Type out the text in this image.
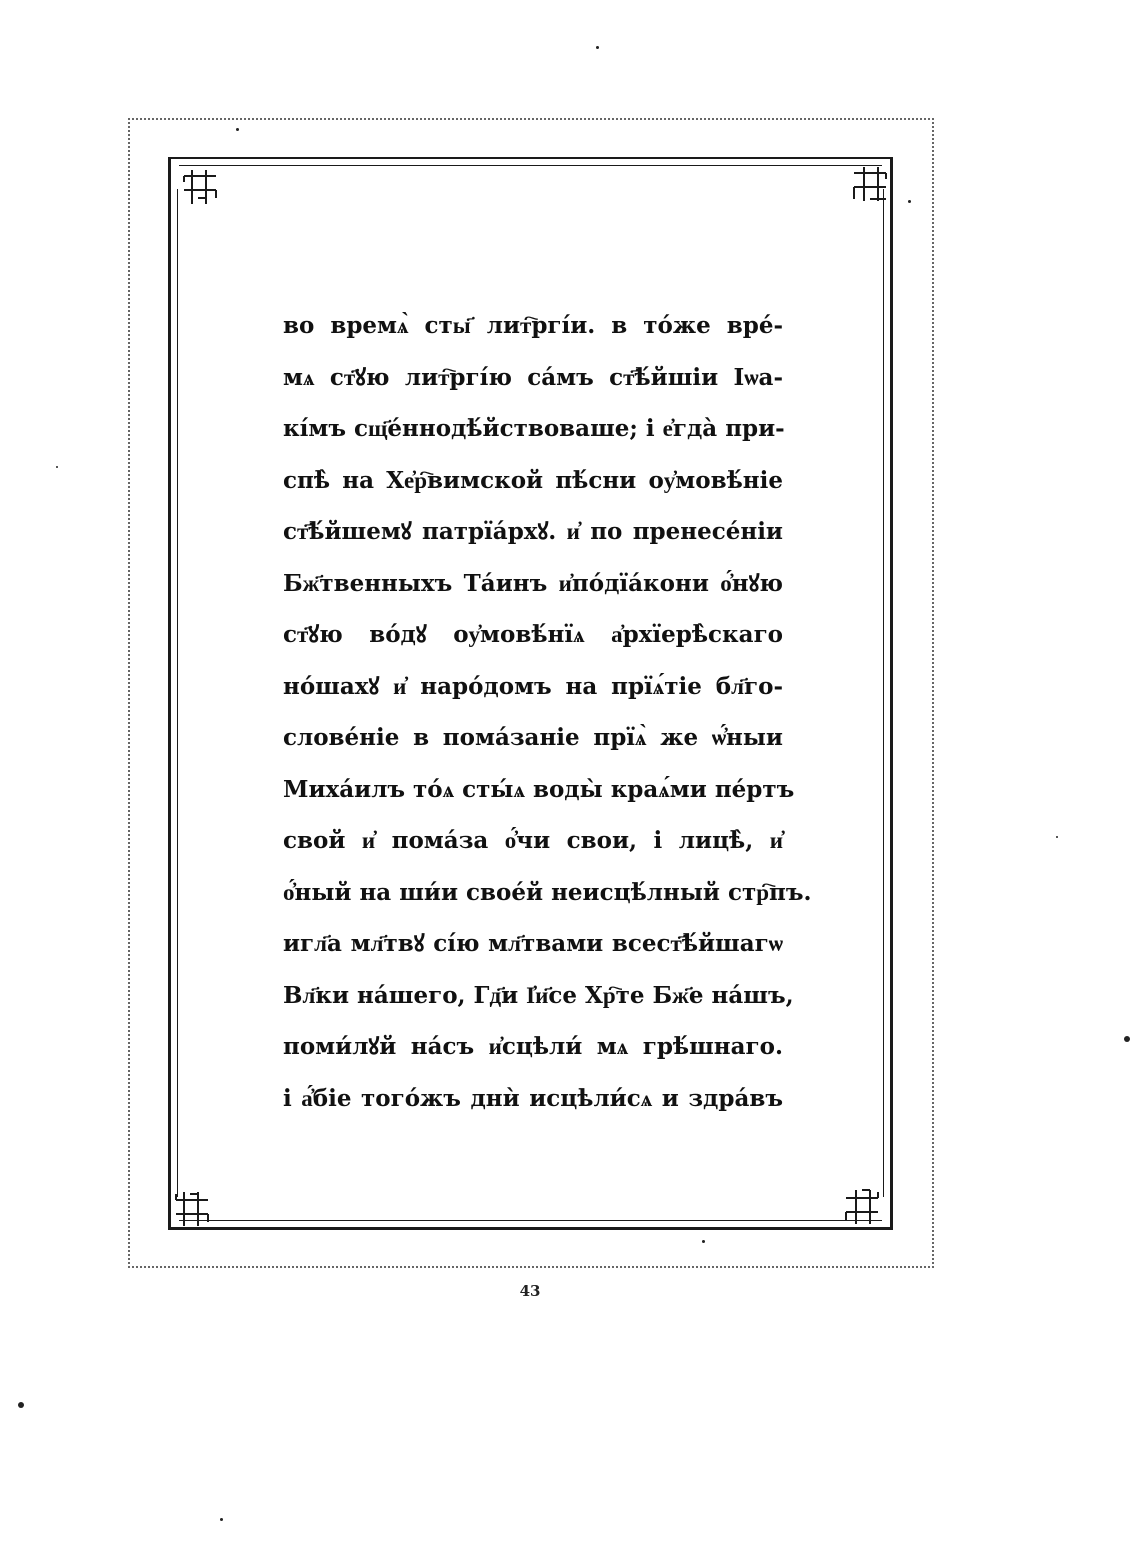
во времѧ̀ сты҃ лит҇ргі́и. в то́же вре́-
мѧ ст҃ꙋю лит҇ргі́ю са́мъ ст҃ѣ́йшіи Іѡа-
кі́мъ сщ҃е́ннодѣ́йствоваше; і е҆гда̀ при-
спѣ̀ на Хе҆р҇вимской пѣ́сни оу҆мовѣ́ніе
ст҃ѣ́йшемꙋ патрїа́рхꙋ. и҆ по пренесе́ніи
Бж҃твенныхъ Та́инъ и҆по́дїа́кони о҆́нꙋю
ст҃ꙋю во́дꙋ оу҆мовѣ́нїѧ а҆рхїерѣ̀скаго
но́шахꙋ и҆ наро́домъ на прїѧ́тіе бл҃го-
слове́ніе в пома́заніе прїѧ̀ же ѡ҆́ныи
Миха́илъ то́ѧ сты́ѧ воды̀ краѧ́ми пе́ртъ
свой и҆ пома́за о҆́чи свои, і лицѣ̀, и҆
о҆́ный на ши́и свое́й неисцѣ́лный стр҇пъ.
игл҃а мл҃твꙋ сі́ю мл҃твами всест҃ѣ́йшагѡ
Вл҃ки на́шего, Гд҃и І҆и҃се Хр҇те Бж҃е на́шъ,
поми́лꙋй на́съ и҆сцѣли́ мѧ грѣ́шнаго.
і а҆́біе того́жъ днѝ исцѣли́сѧ и здра́въ
43
